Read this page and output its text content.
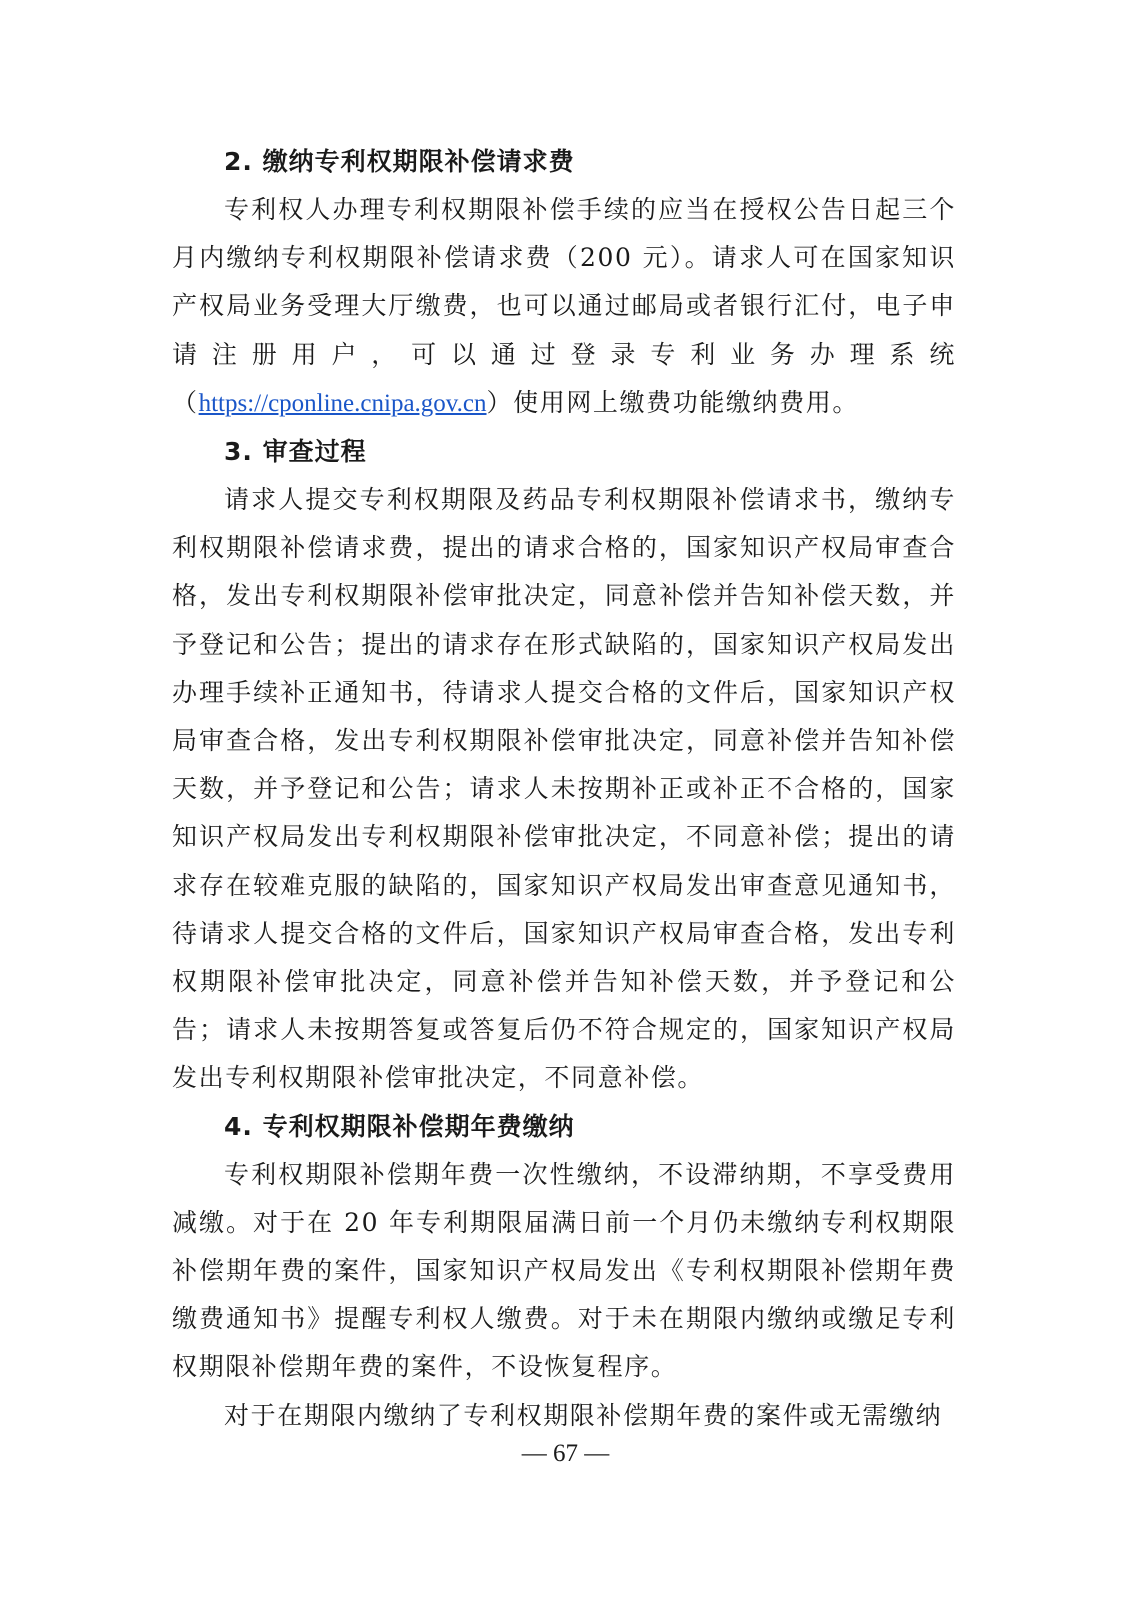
2. 缴纳专利权期限补偿请求费

专利权人办理专利权期限补偿手续的应当在授权公告日起三个月内缴纳专利权期限补偿请求费（200 元）。请求人可在国家知识产权局业务受理大厅缴费，也可以通过邮局或者银行汇付，电子申请注册用户，可以通过登录专利业务办理系统（https://cponline.cnipa.gov.cn）使用网上缴费功能缴纳费用。

3. 审查过程

请求人提交专利权期限及药品专利权期限补偿请求书，缴纳专利权期限补偿请求费，提出的请求合格的，国家知识产权局审查合格，发出专利权期限补偿审批决定，同意补偿并告知补偿天数，并予登记和公告；提出的请求存在形式缺陷的，国家知识产权局发出办理手续补正通知书，待请求人提交合格的文件后，国家知识产权局审查合格，发出专利权期限补偿审批决定，同意补偿并告知补偿天数，并予登记和公告；请求人未按期补正或补正不合格的，国家知识产权局发出专利权期限补偿审批决定，不同意补偿；提出的请求存在较难克服的缺陷的，国家知识产权局发出审查意见通知书，待请求人提交合格的文件后，国家知识产权局审查合格，发出专利权期限补偿审批决定，同意补偿并告知补偿天数，并予登记和公告；请求人未按期答复或答复后仍不符合规定的，国家知识产权局发出专利权期限补偿审批决定，不同意补偿。

4. 专利权期限补偿期年费缴纳

专利权期限补偿期年费一次性缴纳，不设滞纳期，不享受费用减缴。对于在 20 年专利期限届满日前一个月仍未缴纳专利权期限补偿期年费的案件，国家知识产权局发出《专利权期限补偿期年费缴费通知书》提醒专利权人缴费。对于未在期限内缴纳或缴足专利权期限补偿期年费的案件，不设恢复程序。

对于在期限内缴纳了专利权期限补偿期年费的案件或无需缴纳

— 67 —
